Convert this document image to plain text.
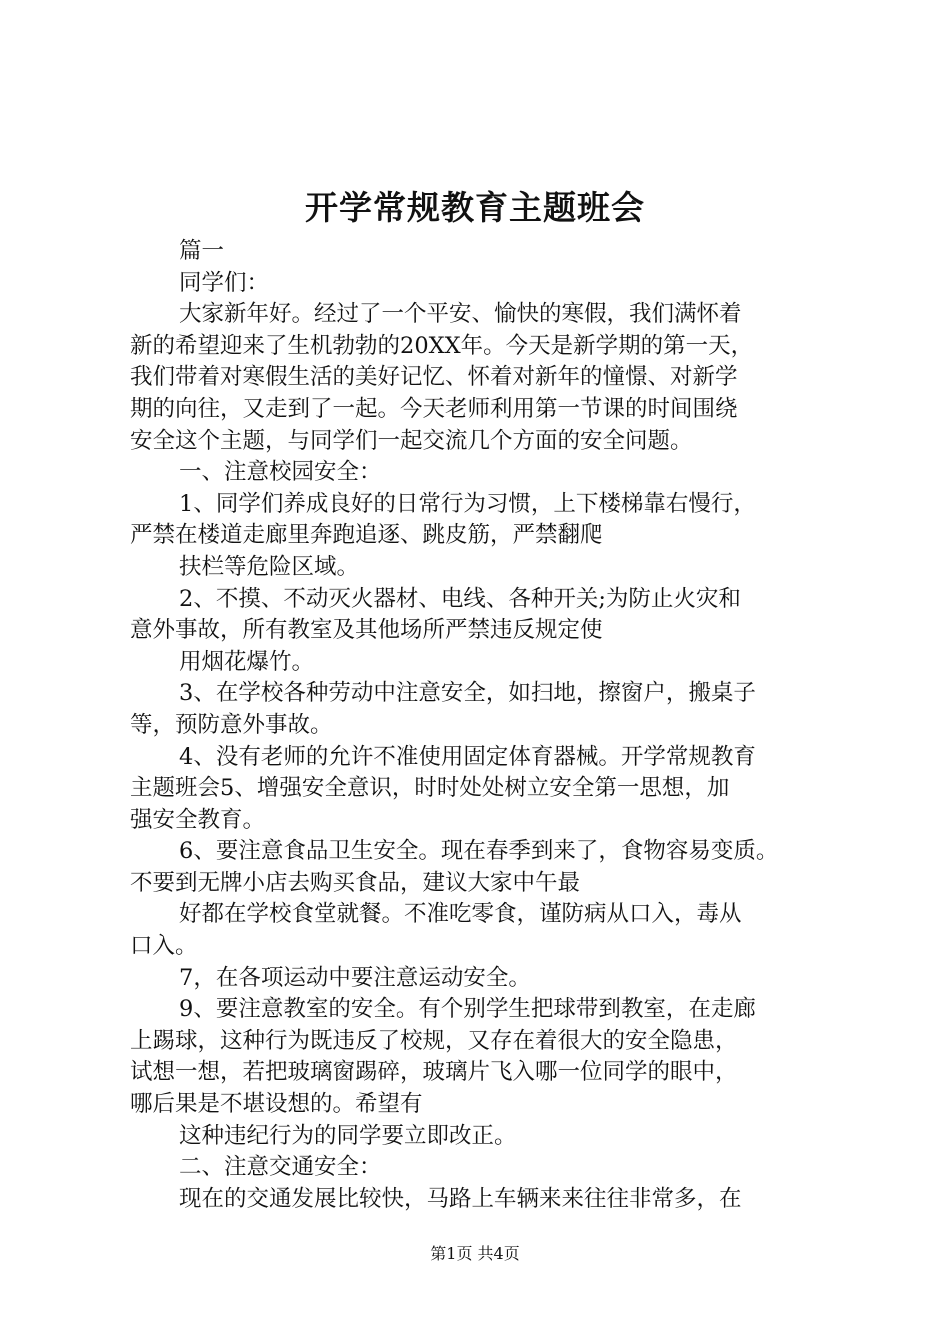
开学常规教育主题班会
篇一
同学们：
大家新年好。经过了一个平安、愉快的寒假，我们满怀着
新的希望迎来了生机勃勃的20XX年。今天是新学期的第一天，
我们带着对寒假生活的美好记忆、怀着对新年的憧憬、对新学
期的向往，又走到了一起。今天老师利用第一节课的时间围绕
安全这个主题，与同学们一起交流几个方面的安全问题。
一、注意校园安全：
1、同学们养成良好的日常行为习惯，上下楼梯靠右慢行，
严禁在楼道走廊里奔跑追逐、跳皮筋，严禁翻爬
扶栏等危险区域。
2、不摸、不动灭火器材、电线、各种开关;为防止火灾和
意外事故，所有教室及其他场所严禁违反规定使
用烟花爆竹。
3、在学校各种劳动中注意安全，如扫地，擦窗户，搬桌子
等，预防意外事故。
4、没有老师的允许不准使用固定体育器械。开学常规教育
主题班会5、增强安全意识，时时处处树立安全第一思想，加
强安全教育。
6、要注意食品卫生安全。现在春季到来了，食物容易变质。
不要到无牌小店去购买食品，建议大家中午最
好都在学校食堂就餐。不准吃零食，谨防病从口入，毒从
口入。
7，在各项运动中要注意运动安全。
9、要注意教室的安全。有个别学生把球带到教室，在走廊
上踢球，这种行为既违反了校规，又存在着很大的安全隐患，
试想一想，若把玻璃窗踢碎，玻璃片飞入哪一位同学的眼中，
哪后果是不堪设想的。希望有
这种违纪行为的同学要立即改正。
二、注意交通安全：
现在的交通发展比较快，马路上车辆来来往往非常多，在
第1页 共4页
